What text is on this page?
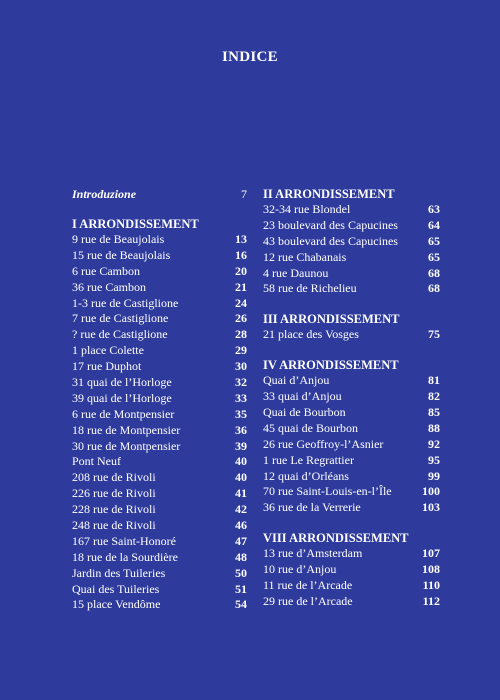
INDICE
Introduzione	7
I ARRONDISSEMENT
9 rue de Beaujolais	13
15 rue de Beaujolais	16
6 rue Cambon	20
36 rue Cambon	21
1-3 rue de Castiglione	24
7 rue de Castiglione	26
? rue de Castiglione	28
1 place Colette	29
17 rue Duphot	30
31 quai de l’Horloge	32
39 quai de l’Horloge	33
6 rue de Montpensier	35
18 rue de Montpensier	36
30 rue de Montpensier	39
Pont Neuf	40
208 rue de Rivoli	40
226 rue de Rivoli	41
228 rue de Rivoli	42
248 rue de Rivoli	46
167 rue Saint-Honoré	47
18 rue de la Sourdière	48
Jardin des Tuileries	50
Quai des Tuileries	51
15 place Vendôme	54
II ARRONDISSEMENT
32-34 rue Blondel	63
23 boulevard des Capucines	64
43 boulevard des Capucines	65
12 rue Chabanais	65
4 rue Daunou	68
58 rue de Richelieu	68
III ARRONDISSEMENT
21 place des Vosges	75
IV ARRONDISSEMENT
Quai d’Anjou	81
33 quai d’Anjou	82
Quai de Bourbon	85
45 quai de Bourbon	88
26 rue Geoffroy-l’Asnier	92
1 rue Le Regrattier	95
12 quai d’Orléans	99
70 rue Saint-Louis-en-l’Île	100
36 rue de la Verrerie	103
VIII ARRONDISSEMENT
13 rue d’Amsterdam	107
10 rue d’Anjou	108
11 rue de l’Arcade	110
29 rue de l’Arcade	112
